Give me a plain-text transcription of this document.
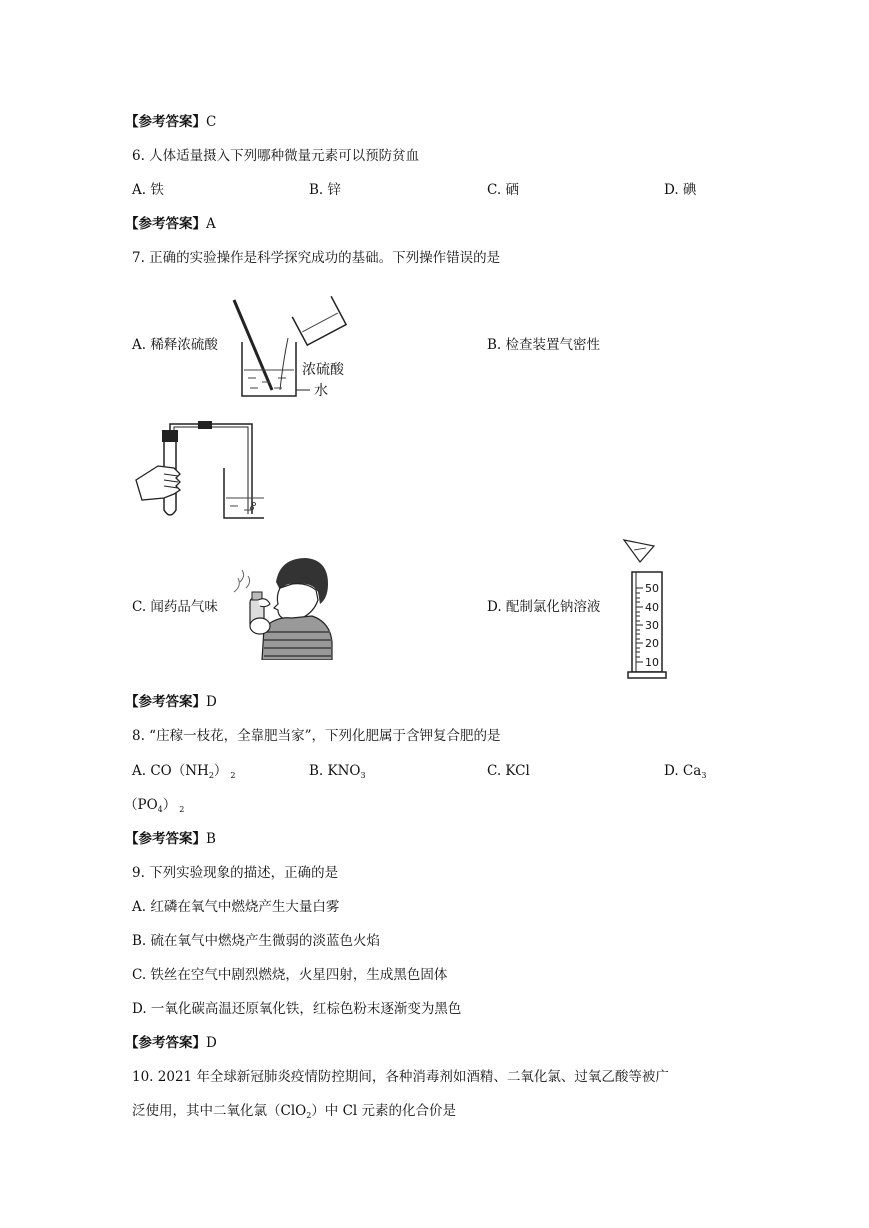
【参考答案】C
6. 人体适量摄入下列哪种微量元素可以预防贫血
A. 铁	B. 锌	C. 硒	D. 碘
【参考答案】A
7. 正确的实验操作是科学探究成功的基础。下列操作错误的是
A. 稀释浓硫酸
浓硫酸
水
B. 检查装置气密性
C. 闻药品气味	D. 配制氯化钠溶液
50
40
30
20
10
【参考答案】D
8. “庄稼一枝花，全靠肥当家”，下列化肥属于含钾复合肥的是
A. $CO(NH_2)$ $_2$	B. $KNO_3$	C. KCl	D. $Ca_3$
$(PO_4)$ $_2$
【参考答案】B
9. 下列实验现象的描述，正确的是
A. 红磷在氧气中燃烧产生大量白雾
B. 硫在氧气中燃烧产生微弱的淡蓝色火焰
C. 铁丝在空气中剧烈燃烧，火星四射，生成黑色固体
D. 一氧化碳高温还原氧化铁，红棕色粉末逐渐变为黑色
【参考答案】D
10. 2021 年全球新冠肺炎疫情防控期间，各种消毒剂如酒精、二氧化氯、过氧乙酸等被广
泛使用，其中二氧化氯（ClO$_2$）中 Cl 元素的化合价是
